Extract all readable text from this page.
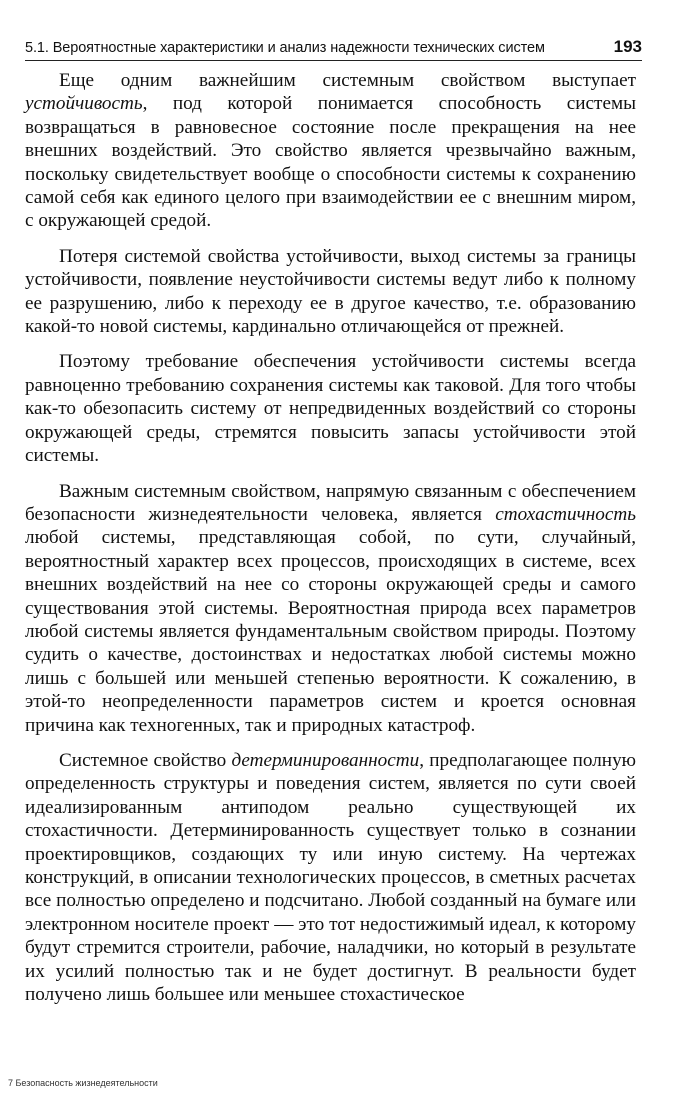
5.1. Вероятностные характеристики и анализ надежности технических систем	193

Еще одним важнейшим системным свойством выступает устойчивость, под которой понимается способность системы возвращаться в равновесное состояние после прекращения на нее внешних воздействий. Это свойство является чрезвычайно важным, поскольку свидетельствует вообще о способности системы к сохранению самой себя как единого целого при взаимодействии ее с внешним миром, с окружающей средой.

Потеря системой свойства устойчивости, выход системы за границы устойчивости, появление неустойчивости системы ведут либо к полному ее разрушению, либо к переходу ее в другое качество, т.е. образованию какой-то новой системы, кардинально отличающейся от прежней.

Поэтому требование обеспечения устойчивости системы всегда равноценно требованию сохранения системы как таковой. Для того чтобы как-то обезопасить систему от непредвиденных воздействий со стороны окружающей среды, стремятся повысить запасы устойчивости этой системы.

Важным системным свойством, напрямую связанным с обеспечением безопасности жизнедеятельности человека, является стохастичность любой системы, представляющая собой, по сути, случайный, вероятностный характер всех процессов, происходящих в системе, всех внешних воздействий на нее со стороны окружающей среды и самого существования этой системы. Вероятностная природа всех параметров любой системы является фундаментальным свойством природы. Поэтому судить о качестве, достоинствах и недостатках любой системы можно лишь с большей или меньшей степенью вероятности. К сожалению, в этой-то неопределенности параметров систем и кроется основная причина как техногенных, так и природных катастроф.

Системное свойство детерминированности, предполагающее полную определенность структуры и поведения систем, является по сути своей идеализированным антиподом реально существующей их стохастичности. Детерминированность существует только в сознании проектировщиков, создающих ту или иную систему. На чертежах конструкций, в описании технологических процессов, в сметных расчетах все полностью определено и подсчитано. Любой созданный на бумаге или электронном носителе проект — это тот недостижимый идеал, к которому будут стремится строители, рабочие, наладчики, но который в результате их усилий полностью так и не будет достигнут. В реальности будет получено лишь большее или меньшее стохастическое

7 Безопасность жизнедеятельности
